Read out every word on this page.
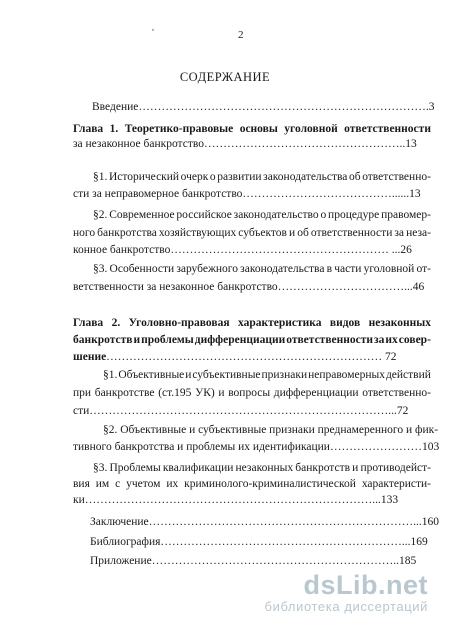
,
2
СОДЕРЖАНИЕ
Введение………………………………………………………………….3
Глава 1. Теоретико-правовые основы уголовной ответственности
за незаконное банкротство……………………………………………..13
§1. Исторический очерк о развитии законодательства об ответственно-
сти за неправомерное банкротство…………………………………......13
§2. Современное российское законодательство о процедуре правомер-
ного банкротства хозяйствующих субъектов и об ответственности за неза-
конное банкротство………………………………………………… ...26
§3. Особенности зарубежного законодательства в части уголовной от-
ветственности за незаконное банкротство……………………………...46
Глава 2. Уголовно-правовая характеристика видов незаконных
банкротств и проблемы дифференциации ответственности за их совер-
шение……………………………………………………………… 72
§1. Объективные и субъективные признаки неправомерных действий
при банкротстве (ст.195 УК) и вопросы дифференциации ответственно-
сти……………………………………………………………………...72
§2. Объективные и субъективные признаки преднамеренного и фик-
тивного банкротства и проблемы их идентификации……………………103
§3. Проблемы квалификации незаконных банкротств и противодейст-
вия им с учетом их криминолого-криминалистической характеристи-
ки…………………………………………………………………...133
Заключение……………………………………………………………...160
Библиография………………………………………………………...169
Приложение………………………………………………………..185
dsLib.net
библиотека диссертаций
